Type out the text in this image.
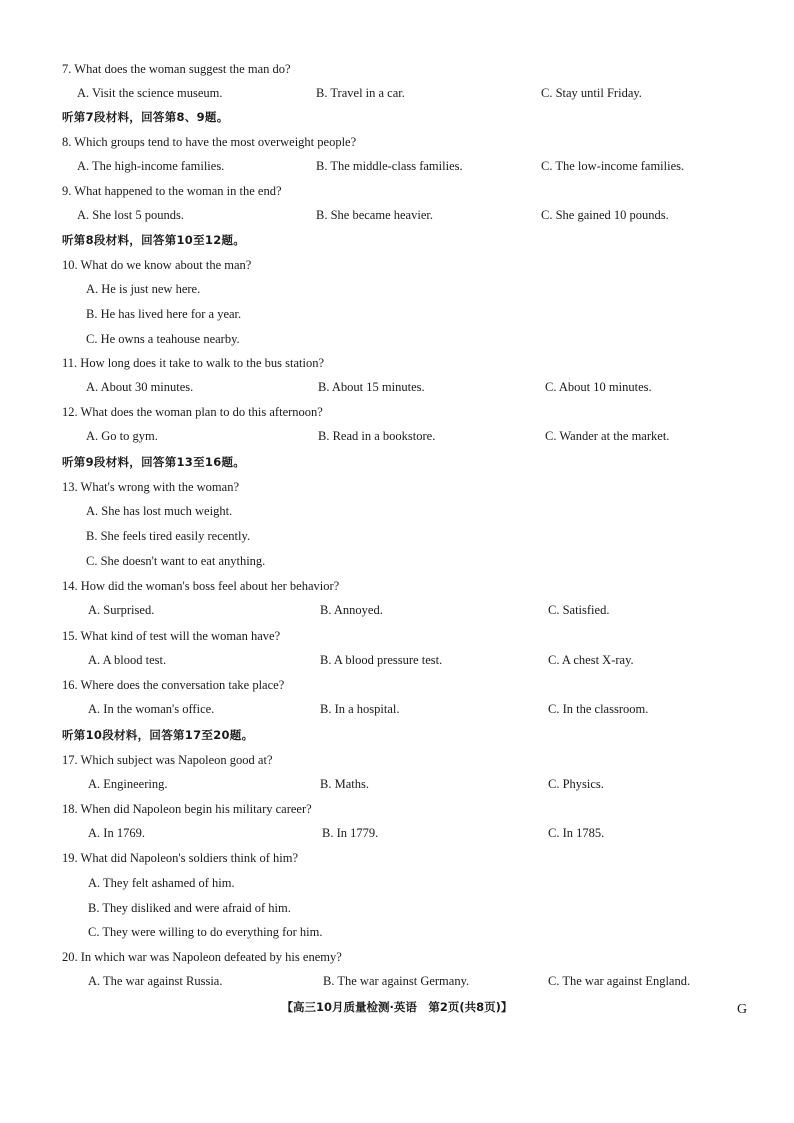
7. What does the woman suggest the man do?
A. Visit the science museum.	B. Travel in a car.	C. Stay until Friday.
听第7段材料，回答第8、9题。
8. Which groups tend to have the most overweight people?
A. The high-income families.	B. The middle-class families.	C. The low-income families.
9. What happened to the woman in the end?
A. She lost 5 pounds.	B. She became heavier.	C. She gained 10 pounds.
听第8段材料，回答第10至12题。
10. What do we know about the man?
A. He is just new here.
B. He has lived here for a year.
C. He owns a teahouse nearby.
11. How long does it take to walk to the bus station?
A. About 30 minutes.	B. About 15 minutes.	C. About 10 minutes.
12. What does the woman plan to do this afternoon?
A. Go to gym.	B. Read in a bookstore.	C. Wander at the market.
听第9段材料，回答第13至16题。
13. What's wrong with the woman?
A. She has lost much weight.
B. She feels tired easily recently.
C. She doesn't want to eat anything.
14. How did the woman's boss feel about her behavior?
A. Surprised.	B. Annoyed.	C. Satisfied.
15. What kind of test will the woman have?
A. A blood test.	B. A blood pressure test.	C. A chest X-ray.
16. Where does the conversation take place?
A. In the woman's office.	B. In a hospital.	C. In the classroom.
听第10段材料，回答第17至20题。
17. Which subject was Napoleon good at?
A. Engineering.	B. Maths.	C. Physics.
18. When did Napoleon begin his military career?
A. In 1769.	B. In 1779.	C. In 1785.
19. What did Napoleon's soldiers think of him?
A. They felt ashamed of him.
B. They disliked and were afraid of him.
C. They were willing to do everything for him.
20. In which war was Napoleon defeated by his enemy?
A. The war against Russia.	B. The war against Germany.	C. The war against England.
【高三10月质量检测·英语　第2页(共8页)】	G
